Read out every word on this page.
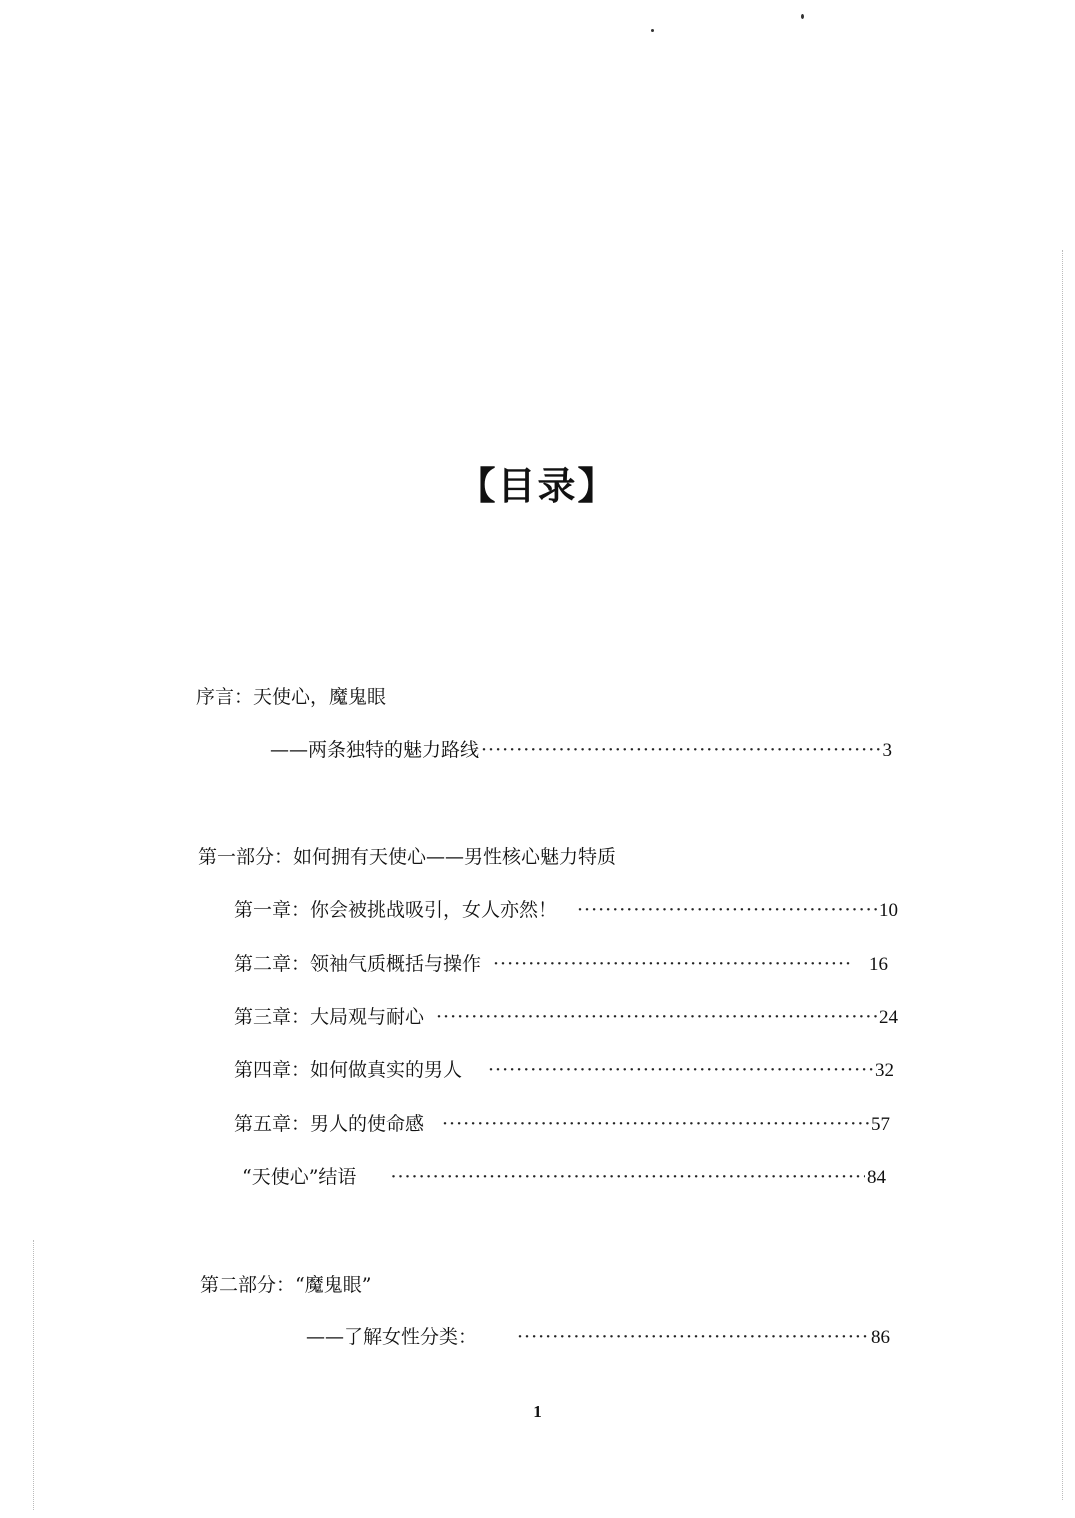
【目录】
序言：天使心，魔鬼眼
——两条独特的魅力路线 ·····	3
第一部分：如何拥有天使心——男性核心魅力特质
第一章：你会被挑战吸引，女人亦然！ ·····	10
第二章：领袖气质概括与操作 ·····	16
第三章：大局观与耐心 ·····	24
第四章：如何做真实的男人 ·····	32
第五章：男人的使命感 ·····	57
“天使心”结语 ·····	84
第二部分：“魔鬼眼”
——了解女性分类： ·····	86
1
